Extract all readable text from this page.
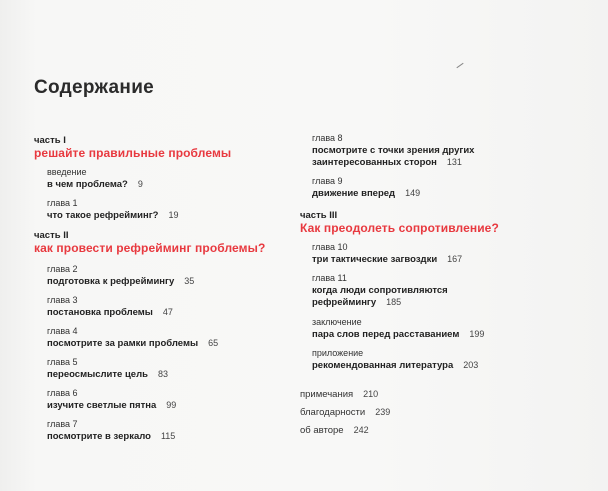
Содержание
часть I
решайте правильные проблемы
введение
в чем проблема? 9
глава 1
что такое рефрейминг? 19
часть II
как провести рефрейминг проблемы?
глава 2
подготовка к рефреймингу 35
глава 3
постановка проблемы 47
глава 4
посмотрите за рамки проблемы 65
глава 5
переосмыслите цель 83
глава 6
изучите светлые пятна 99
глава 7
посмотрите в зеркало 115
глава 8
посмотрите с точки зрения других
заинтересованных сторон 131
глава 9
движение вперед 149
часть III
Как преодолеть сопротивление?
глава 10
три тактические загвоздки 167
глава 11
когда люди сопротивляются
рефреймингу 185
заключение
пара слов перед расставанием 199
приложение
рекомендованная литература 203
примечания 210
благодарности 239
об авторе 242
